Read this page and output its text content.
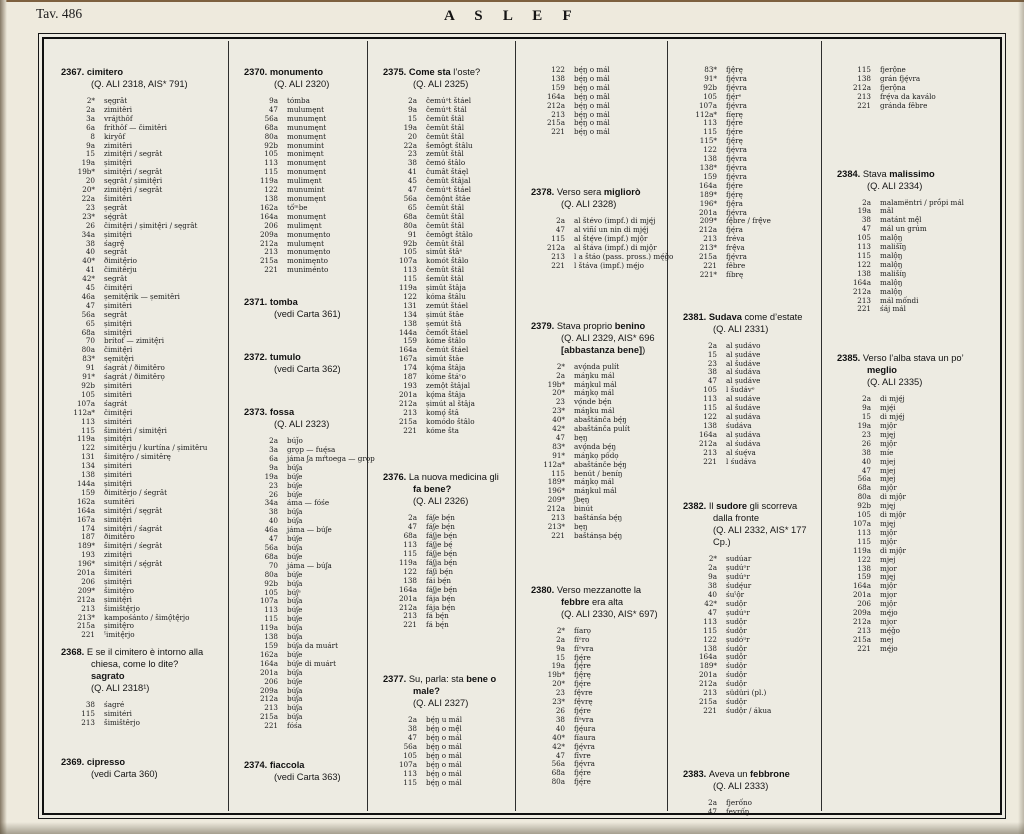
Tav. 486	A S L E F
2367. cimitero
(Q. ALI 2318, AIS* 791)
2* sęgrât
2a zimitêri
3a vrájthôf
6a fríthôf — čimitêri
8 kiryôf
9a zimitêri
15 zimitę̂ri / segrât
19a ṣimitę̂ri
19b* simitę̂ri / segrât
20 sęgrât / ṣimitę̂ri
20* zimitę̂ri / segrât
22a šimitêri
23 ṣegrât
23* sę́grât
26 čimitę̂ri / ṣimitę̂ri / sęgrât
34a ṣimitę̂ri
38 śagrę̂
40 segrât
40* ðimitę̂rio
41 čimitêrju
42* segrât
45 čimitę̂ri
46a ṣemitę̂rik — ṣemitêri
47 ṣimitêri
56a segrât
65 ṣimitę̂ri
68a simitę̂ri
70 brítof — zimitę̂ri
80a čimitę̂ri
83* sęmitę̂ri
91 śagrát / ðimitêro
91* śagrát / ðimitêrọ
92b ṣimitêri
105 simitêri
107a śagrát
112a* čimitę̂ri
113 simitéri
115 šimitéri / simitę̂ri
119a ṣimitę̂ri
122 simitêrju / kurtína / ṣimitêru
131 šimitę̂ro / simitêrę
134 ṣimitéri
138 ṣimitéri
144a ṣimitę̂ri
159 ðimitêrjo / śegrât
162a sumitêri
164a simitę̂ri / sęgrât
167a simitę̂ri
174 simitę̂ri / śagrát
187 ðimitêro
189* šimitę̂ri / śegrât
193 zimitę̂ri
196* simitę̂ri / sę́grât
201a šimitéri
206 ṣimitę̂ri
209* šimitę̂ro
212a ṣimitę̂ri
213 šimištę̂rjo
213* kampośánto / šimǫ̂tę̂rjo
215a ṣimitę̂ro
221 ˁimitę̂rjo
2368. E se il cimitero è intorno alla chiesa, come lo dite?
sagrato
(Q. ALI 2318¹)
38 śagré
115 simitéri
213 šimištêrjo
2369. cipresso
(vedi Carta 360)
2370. monumento
(Q. ALI 2320)
9a tómba
47 mulumęnt
56a munumęnt
68a munumęnt
80a monumęnt
92b monumint
105 monimęnt
113 monumęnt
115 monumęnt
119a mulimęnt
122 munumint
138 monumęnt
162a tốᵐbe
164a monumęnt
206 mulimęnt
209a monumęnto
212a mulumęnt
213 monumęnto
215a monimęnto
221 muniménto
2371. tomba
(vedi Carta 361)
2372. tumulo
(vedi Carta 362)
2373. fossa
(Q. ALI 2323)
2a búǰo
3a grǫp — fuę́sa
6a jáma ʃa mŕtoega — grǫp
9a búʃa
19a búʃe
23 búʃe
26 búʃe
34a áma — fóśe
38 búʃa
40 búʃa
46a jáma — búʃe
47 búʃe
56a búʃa
68a búʃe
70 jáma — búʃa
80a búʃe
92b búʃa
105 búʃᵉ
107a búʃa
113 búʃe
115 búʃe
119a búʃa
138 búʃa
159 búʃa da muárt
162a búʃe
164a búʃe di muárt
201a búʃa
206 búʃe
209a búʃa
212a búʃa
213 búʃa
215a búʃa
221 fóśa
2374. fiaccola
(vedi Carta 363)
2375. Come sta l’oste?
(Q. ALI 2325)
2a čemúᵒt štáel
9a čemúᵒt štál
15 čemût štâl
19a čemût štâl
20 čemût štâl
22a šemôgt štâlu
23 zemût štâl
38 čemó štâlo
41 čumât štáęl
45 čemût štâjal
47 čemúᵒt štáel
56a čemộnt štâe
65 čemût štâl
68a čemût štâl
80a čemût štâl
91 čemôgt štâlo
92b čemût štâl
105 simût štâᵉ
107a komót štâlo
113 čemût štâl
115 šemût štâl
119a ṣimût štâja
122 kóma štâlu
131 zemút štáel
134 ṣimút štâe
138 ṣemút štâ
144a čemốt štáel
159 kóme štâlo
164a čemút štáel
167a simút štâe
174 kǫ́ma štâja
187 kóme štáᵛo
193 zemột štâjal
201a kǫ́ma štâja
212a ṣimút al štâja
213 komǫ́ štâ
215a komódo štâlo
221 kóme šta
2376. La nuova medicina gli fa bene?
(Q. ALI 2326)
2a fáʃe bę́n
47 fáʃe bę́n
68a fáʃje bę́n
113 fáʃje bę́
115 fáʃje bę́n
119a fáʃja bę́n
122 fáʃi bę́n
138 fái bę́n
164a fáʃje bę́n
201a fája bę́n
212a fája bę́n
213 fá bę́n
221 fá bę́n
2377. Su, parla: sta bene o male?
(Q. ALI 2327)
2a bę́ŋ u mál
38 bę́ŋ o mę̂l
47 bę́ŋ o mál
56a bę́ŋ o mál
105 bę́ŋ o mál
107a bę́ŋ o mál
113 bę́ŋ o mál
115 bę́ŋ o mál
122 bę́ŋ o mál
138 bę́ŋ o mál
159 bę́ŋ o mál
164a bę́ŋ o mâl
212a bę́ŋ o mál
213 bę́ŋ o mál
215a bę́ŋ o mál
221 bę́ŋ o mál
2378. Verso sera migliorò
(Q. ALI 2328)
2a al štévo (impf.) di mję́j
47 al viñí un nin di mję́j
115 al štę́ve (impf.) mjộr
212a al štáva (impf.) di mjộr
213 l a štáo (pass. pross.) mę́ǧo
221 l štáva (impf.) mę́jo
2379. Stava proprio benino
(Q. ALI 2329, AIS* 696 [abbastanza bene])
2* avǫ́nda pulít
2a máŋku mál
19b* máŋkul mál
20* máŋkọ mál
23 vǫ́nde bę́n
23* máŋku mál
40* abaštánĉa bę́ŋ
42* abaštánča pulít
47 bęŋ
83* avǫ́nda bę́ŋ
91* máŋkọ pốdọ
112a* abaštánče bę́ŋ
115 benút / beníŋ
189* máŋkọ mál
196* máŋkul mál
209* ʃbęŋ
212a binút
213 baštánśa bę́ŋ
213* bęŋ
221 baštánṣa bę́ŋ
2380. Verso mezzanotte la febbre era alta
(Q. ALI 2330, AIS* 697)
2* fíarọ
2a fíᵉro
9a fíᵉvra
15 fję́re
19a fję́re
19b* fję̂rę
20* fję́re
23 fę̂vre
23* fę̂vrę
26 fję́re
38 fíᵃvra
40 fję́ura
40* fíaura
42* fję́vra
47 fîvre
56a fję́vra
68a fję́re
80a fję́re
83* fję̂rę
91* fję́vra
92b fję́vra
105 fję́rᵉ
107a fję́vra
112a* fíęrę
113 fję́re
115 fję́re
115* fję̂rę
122 fję́vra
138 fję́vra
138* fję́vra
159 fję́vra
164a fję́re
189* fję́rę
196* fję̂ra
201a fję́vra
209* fę̂bre / frę̂ve
212a fję́ra
213 fréva
213* frę̂va
215a fję́vra
221 fêbre
221* fíbrę
2381. Sudava come d’estate
(Q. ALI 2331)
2a al ṣudávo
15 al ṣudáve
23 al šudáve
38 al śudáva
47 al ṣudáve
105 l šudávᵉ
113 al sudáve
115 al šudáve
122 al ṣudáva
138 śudáva
164a al ṣudáva
212a al śudáva
213 al śuę́va
221 l śudáva
2382. Il sudore gli scorreva dalla fronte
(Q. ALI 2332, AIS* 177 Cp.)
2* sudúar
2a ṣudúᵒr
9a ṣudúᵃr
38 śudę́ur
40 śuˁộr
42* sudộr
47 ṣudúᵃr
113 sudộr
115 śudộr
122 ṣudóᵘr
138 śudộr
164a ṣudộr
189* śudộr
201a śudộr
212a śudộr
213 südüri (pl.)
215a śudộr
221 śudộr / ákua
2383. Aveva un febbrone
(Q. ALI 2333)
2a fjerốno
47 fevrốŋ
115 fjerộne
138 grán fję́vra
212a fjerộna
213 frę́va da kaválo
221 gránda fêbre
2384. Stava malissimo
(Q. ALI 2334)
2a malamëntri / prṍpi mál
19a mâl
38 matánt mę̂l
47 mál un grúm
105 malộŋ
113 mališĩŋ
115 malộŋ
122 malộŋ
138 mališíŋ
164a malộŋ
212a malộŋ
213 mál mốndi
221 śáj mál
2385. Verso l’alba stava un po’ meglio
(Q. ALI 2335)
2a di mję́j
9a mję́i
15 di mję́j
19a mjộr
23 mjęj
26 mjộr
38 míe
40 mjej
47 mjej
56a mjej
68a mjộr
80a di mjộr
92b mjęj
105 di mjộr
107a mjęj
113 mjộr
115 mjộr
119a di mjộr
122 mjej
138 mjor
159 mjęj
164a mjộr
201a mjọr
206 mjộr
209a mę́jo
212a mjọr
213 mę́ǧo
215a mej
221 mę́jo
